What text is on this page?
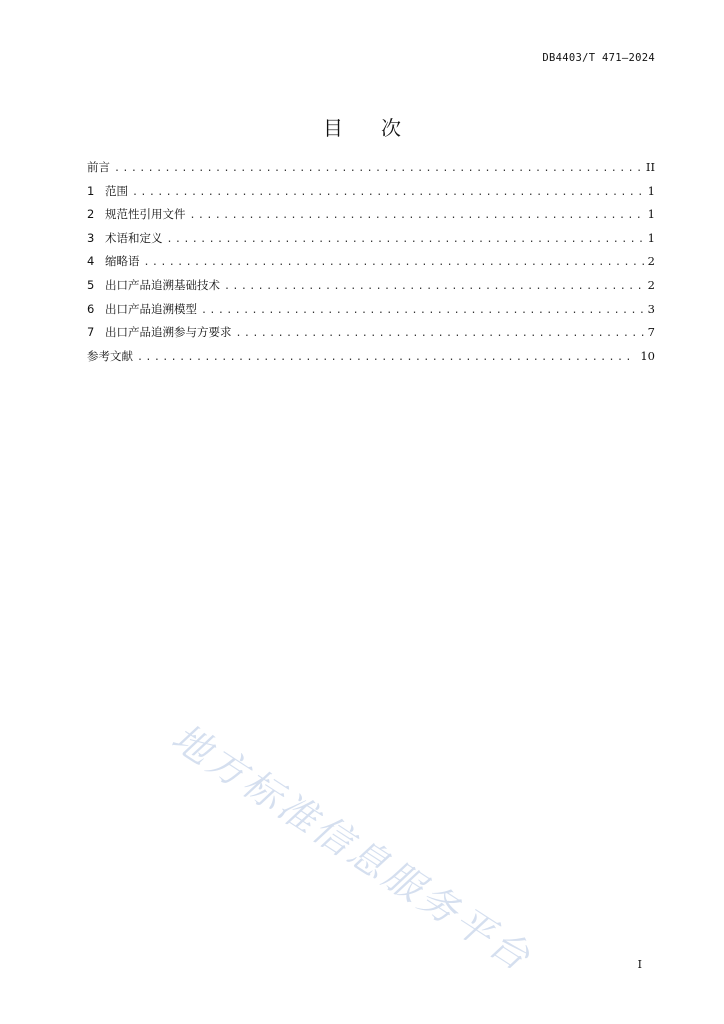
DB4403/T 471—2024
目 次
前言 .....	II
1 范围 .....	1
2 规范性引用文件 .....	1
3 术语和定义 .....	1
4 缩略语 .....	2
5 出口产品追溯基础技术 .....	2
6 出口产品追溯模型 .....	3
7 出口产品追溯参与方要求 .....	7
参考文献 .....	10
地方标准信息服务平台	I
